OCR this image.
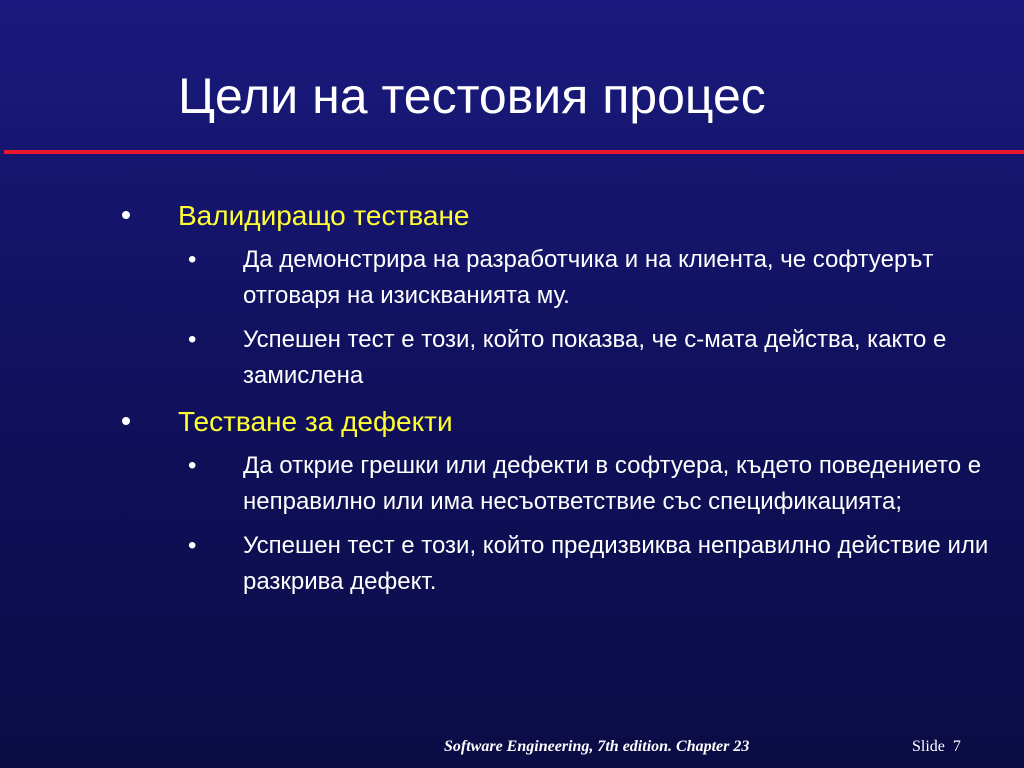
Цели на тестовия процес
Валидиращо тестване
• Да демонстрира на разработчика и на клиента, че софтуерът отговаря на изискванията му.
• Успешен тест е този, който показва, че с-мата действа, както е замислена
Тестване за дефекти
• Да открие грешки или дефекти в софтуера, където поведението е неправилно или има несъответствие със спецификацията;
• Успешен тест е този, който предизвиква неправилно действие или разкрива дефект.
Software Engineering, 7th edition. Chapter 23	Slide 7
